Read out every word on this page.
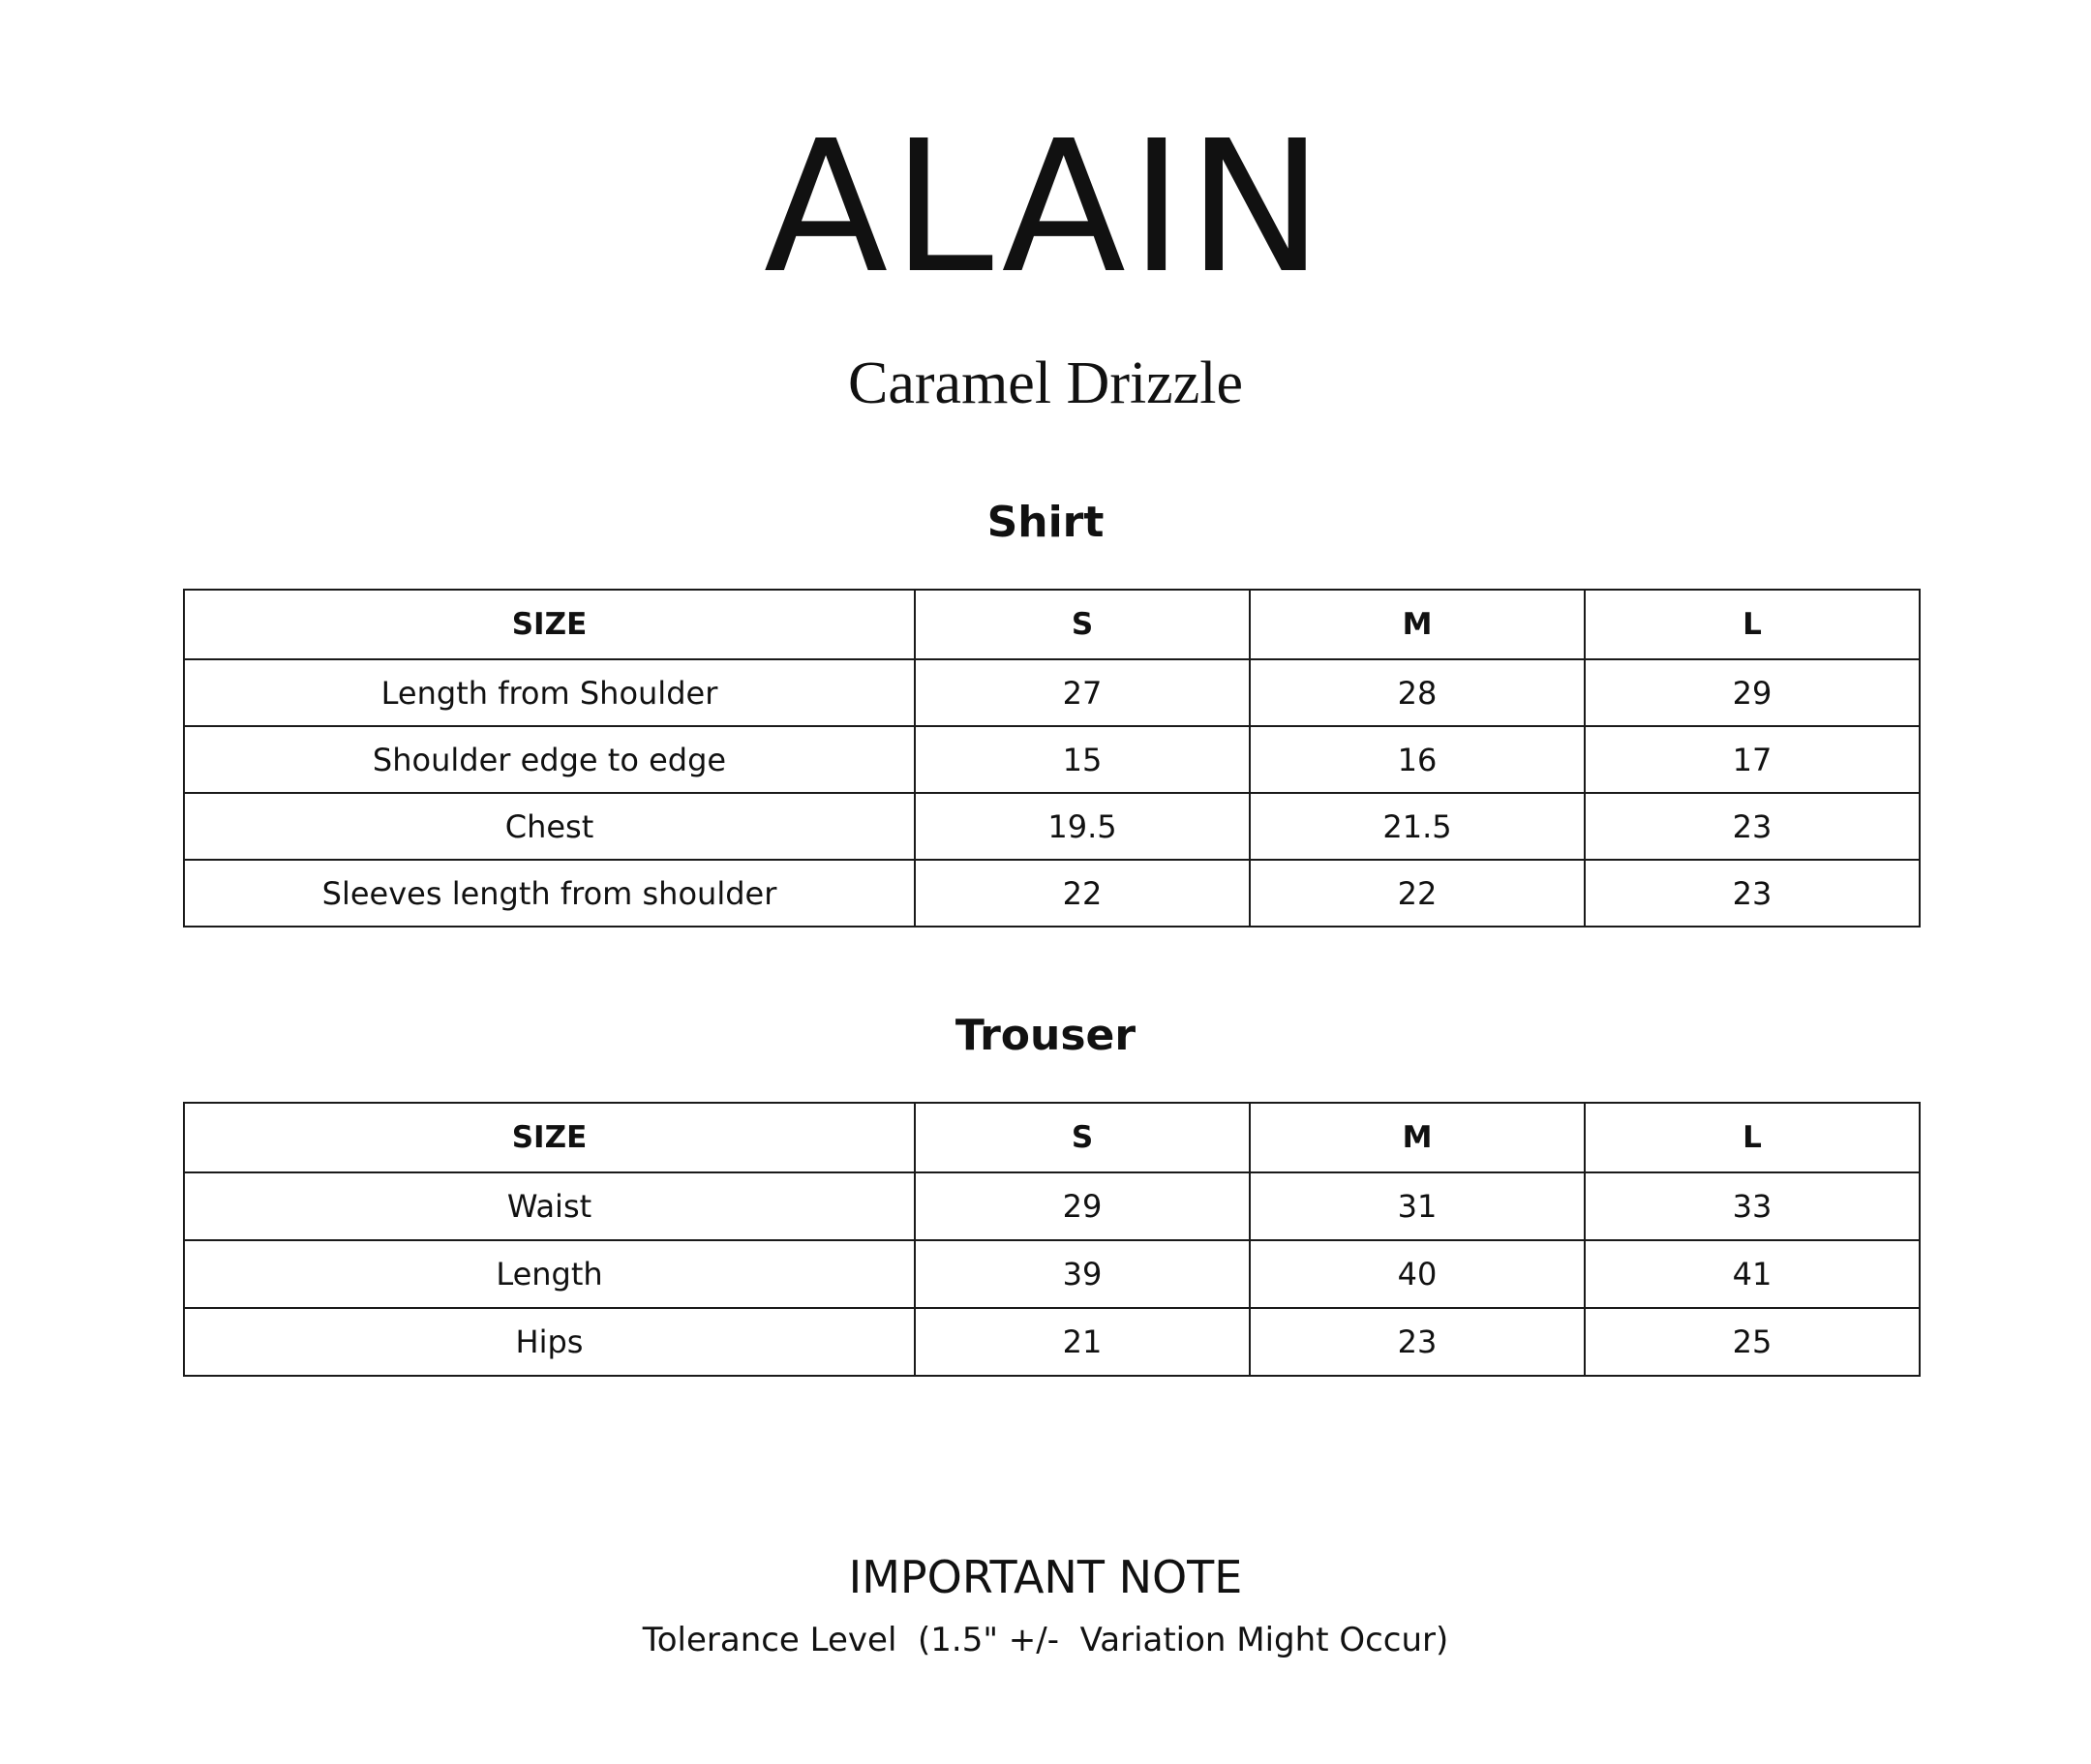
ALAIN
Caramel Drizzle
Shirt
SIZE	S	M	L
Length from Shoulder	27	28	29
Shoulder edge to edge	15	16	17
Chest	19.5	21.5	23
Sleeves length from shoulder	22	22	23
Trouser
SIZE	S	M	L
Waist	29	31	33
Length	39	40	41
Hips	21	23	25
IMPORTANT NOTE
Tolerance Level  (1.5" +/-  Variation Might Occur)
